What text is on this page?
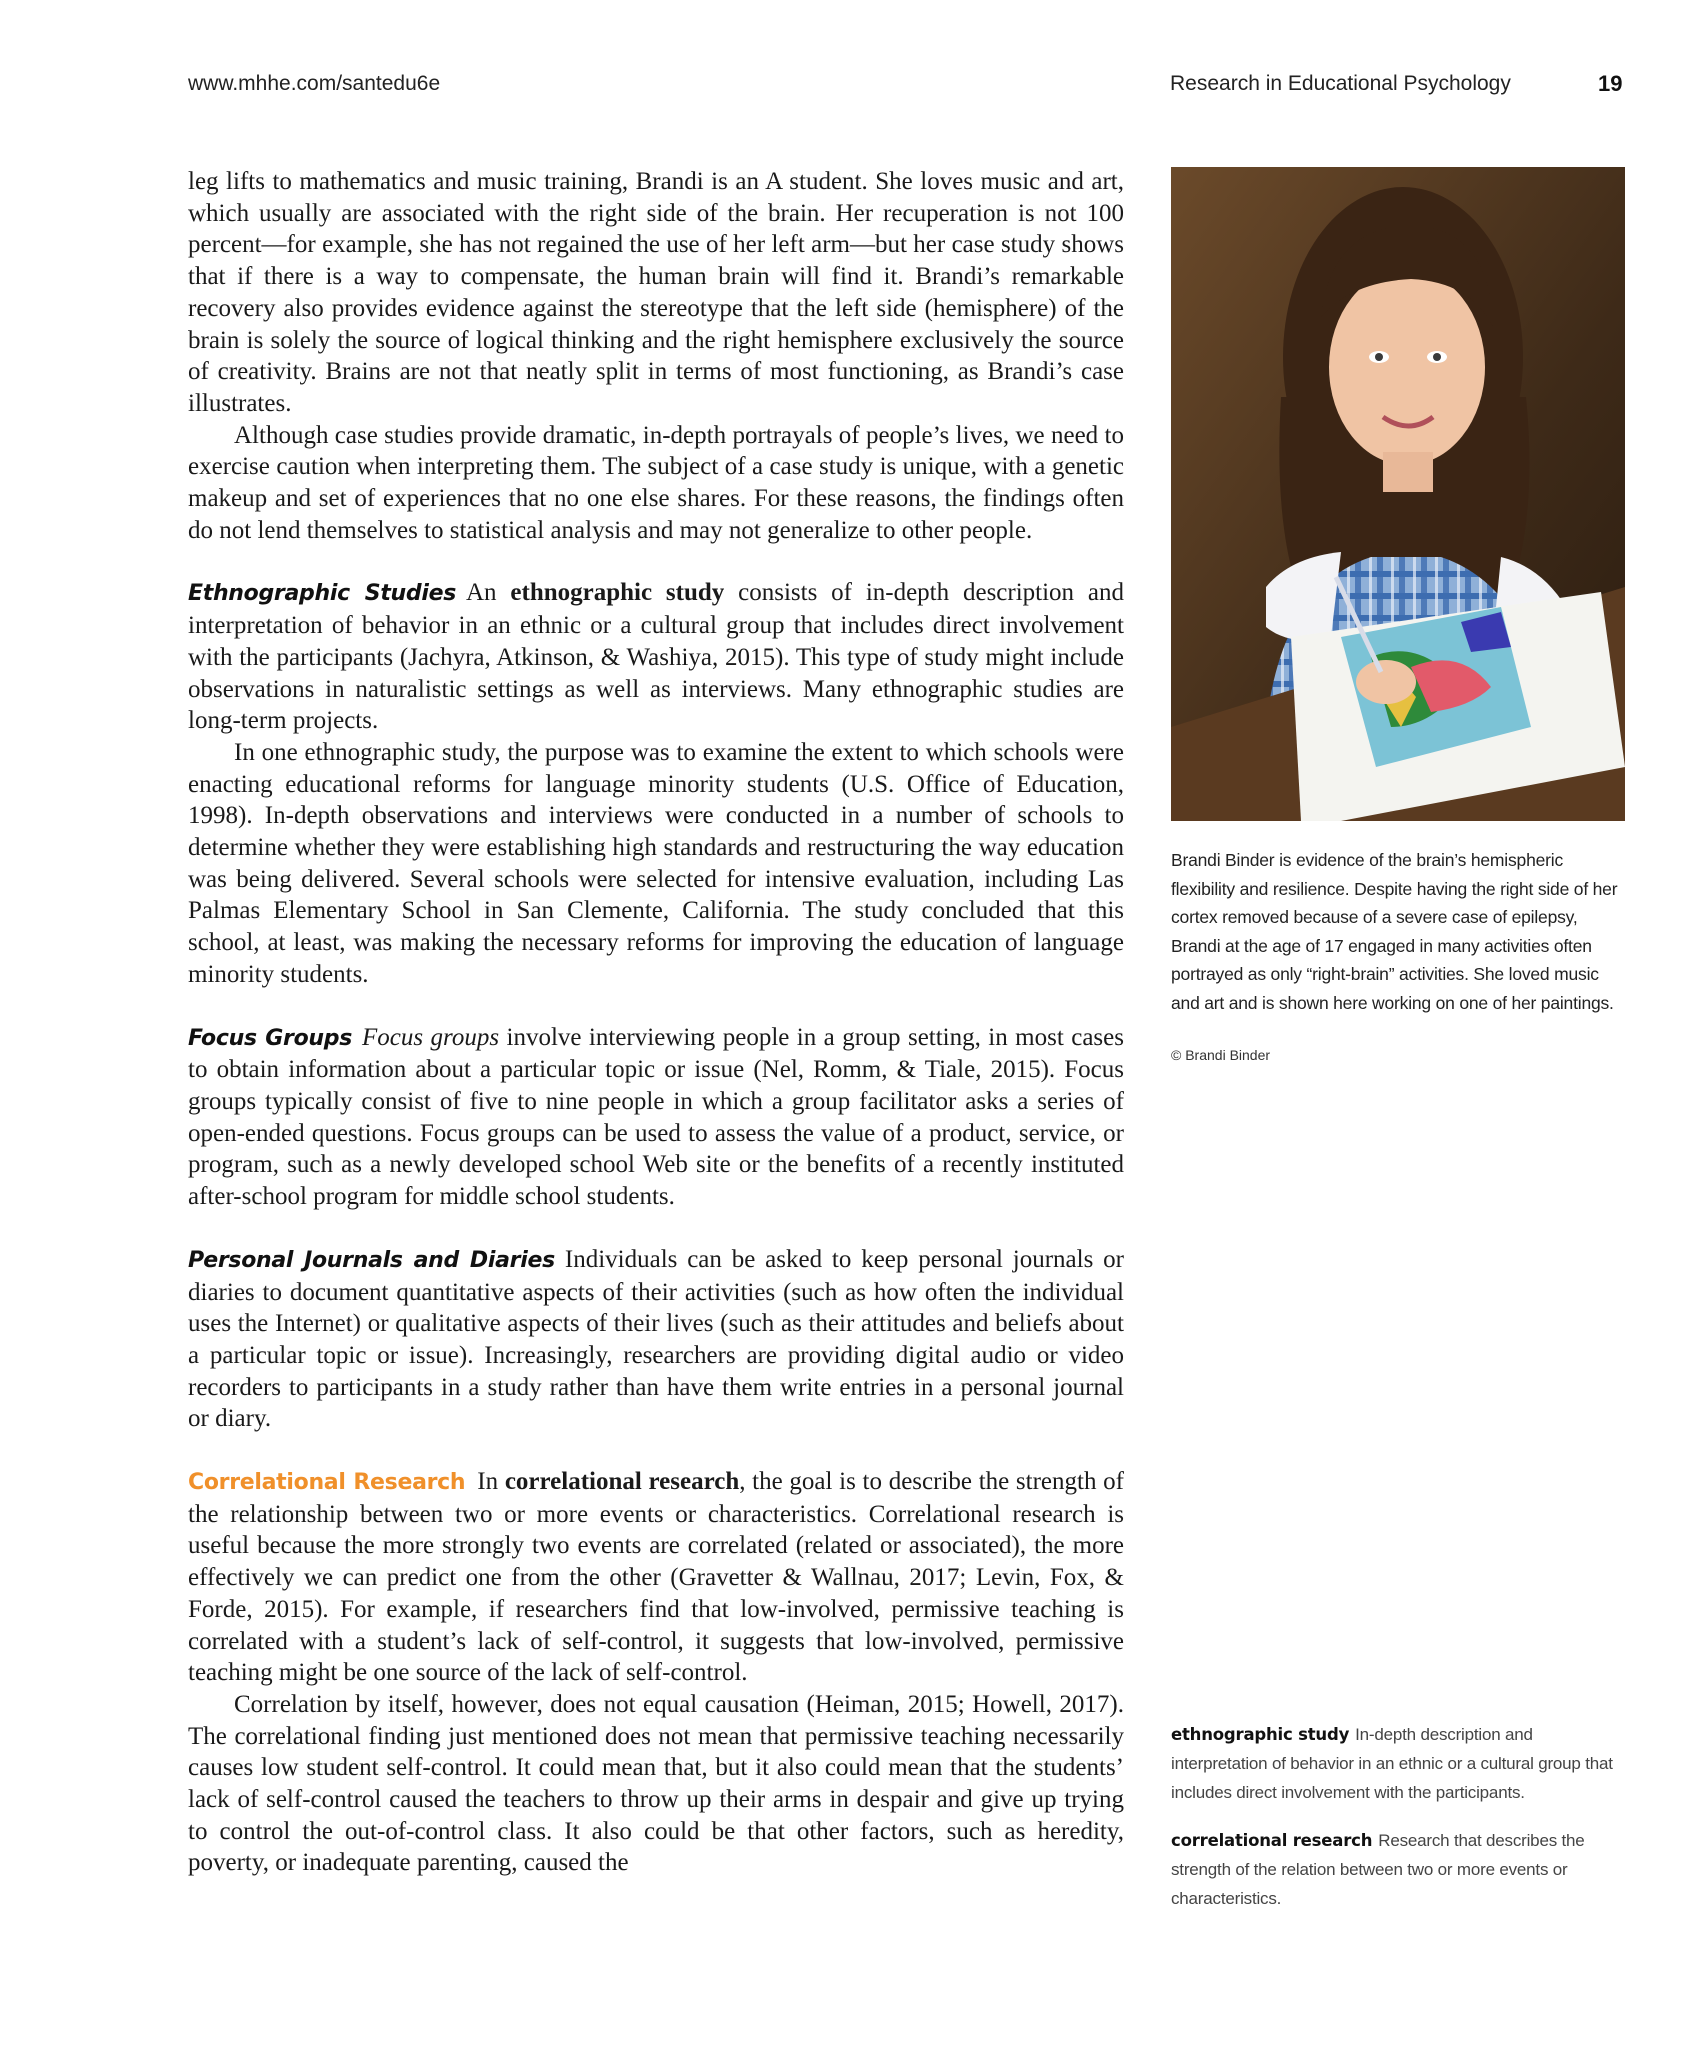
www.mhhe.com/santedu6e	Research in Educational Psychology	19

leg lifts to mathematics and music training, Brandi is an A student. She loves music and art, which usually are associated with the right side of the brain. Her recuperation is not 100 percent—for example, she has not regained the use of her left arm—but her case study shows that if there is a way to compensate, the human brain will find it. Brandi’s remarkable recovery also provides evidence against the stereotype that the left side (hemisphere) of the brain is solely the source of logical thinking and the right hemisphere exclusively the source of creativity. Brains are not that neatly split in terms of most functioning, as Brandi’s case illustrates.

Although case studies provide dramatic, in-depth portrayals of people’s lives, we need to exercise caution when interpreting them. The subject of a case study is unique, with a genetic makeup and set of experiences that no one else shares. For these reasons, the findings often do not lend themselves to statistical analysis and may not generalize to other people.

Ethnographic Studies An ethnographic study consists of in-depth description and interpretation of behavior in an ethnic or a cultural group that includes direct involvement with the participants (Jachyra, Atkinson, & Washiya, 2015). This type of study might include observations in naturalistic settings as well as interviews. Many ethnographic studies are long-term projects.

In one ethnographic study, the purpose was to examine the extent to which schools were enacting educational reforms for language minority students (U.S. Office of Education, 1998). In-depth observations and interviews were conducted in a number of schools to determine whether they were establishing high standards and restructuring the way education was being delivered. Several schools were selected for intensive evaluation, including Las Palmas Elementary School in San Clemente, California. The study concluded that this school, at least, was making the necessary reforms for improving the education of language minority students.

Focus Groups Focus groups involve interviewing people in a group setting, in most cases to obtain information about a particular topic or issue (Nel, Romm, & Tiale, 2015). Focus groups typically consist of five to nine people in which a group facilitator asks a series of open-ended questions. Focus groups can be used to assess the value of a product, service, or program, such as a newly developed school Web site or the benefits of a recently instituted after-school program for middle school students.

Personal Journals and Diaries Individuals can be asked to keep personal journals or diaries to document quantitative aspects of their activities (such as how often the individual uses the Internet) or qualitative aspects of their lives (such as their attitudes and beliefs about a particular topic or issue). Increasingly, researchers are providing digital audio or video recorders to participants in a study rather than have them write entries in a personal journal or diary.

Correlational Research In correlational research, the goal is to describe the strength of the relationship between two or more events or characteristics. Correlational research is useful because the more strongly two events are correlated (related or associated), the more effectively we can predict one from the other (Gravetter & Wallnau, 2017; Levin, Fox, & Forde, 2015). For example, if researchers find that low-involved, permissive teaching is correlated with a student’s lack of self-control, it suggests that low-involved, permissive teaching might be one source of the lack of self-control.

Correlation by itself, however, does not equal causation (Heiman, 2015; Howell, 2017). The correlational finding just mentioned does not mean that permissive teaching necessarily causes low student self-control. It could mean that, but it also could mean that the students’ lack of self-control caused the teachers to throw up their arms in despair and give up trying to control the out-of-control class. It also could be that other factors, such as heredity, poverty, or inadequate parenting, caused the

Brandi Binder is evidence of the brain’s hemispheric flexibility and resilience. Despite having the right side of her cortex removed because of a severe case of epilepsy, Brandi at the age of 17 engaged in many activities often portrayed as only “right-brain” activities. She loved music and art and is shown here working on one of her paintings.
© Brandi Binder
ethnographic study In-depth description and interpretation of behavior in an ethnic or a cultural group that includes direct involvement with the participants.
correlational research Research that describes the strength of the relation between two or more events or characteristics.
